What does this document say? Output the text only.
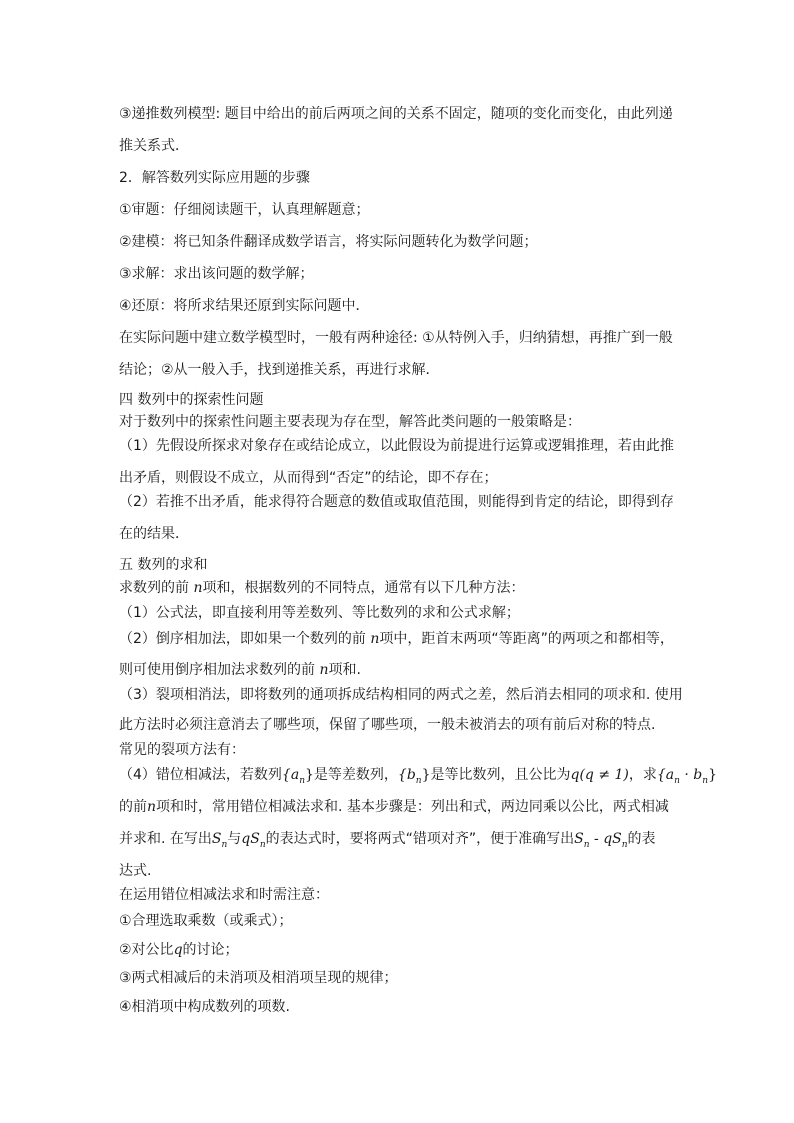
③递推数列模型: 题目中给出的前后两项之间的关系不固定，随项的变化而变化，由此列递
推关系式．
2．解答数列实际应用题的步骤
①审题：仔细阅读题干，认真理解题意；
②建模：将已知条件翻译成数学语言，将实际问题转化为数学问题；
③求解：求出该问题的数学解；
④还原：将所求结果还原到实际问题中．
在实际问题中建立数学模型时，一般有两种途径: ①从特例入手，归纳猜想，再推广到一般
结论；②从一般入手，找到递推关系，再进行求解．
四 数列中的探索性问题
对于数列中的探索性问题主要表现为存在型，解答此类问题的一般策略是：
（1）先假设所探求对象存在或结论成立，以此假设为前提进行运算或逻辑推理，若由此推
出矛盾，则假设不成立，从而得到“否定”的结论，即不存在；
（2）若推不出矛盾，能求得符合题意的数值或取值范围，则能得到肯定的结论，即得到存
在的结果．
五 数列的求和
求数列的前 n项和，根据数列的不同特点，通常有以下几种方法：
（1）公式法，即直接利用等差数列、等比数列的求和公式求解；
（2）倒序相加法，即如果一个数列的前 n项中，距首末两项“等距离”的两项之和都相等，
则可使用倒序相加法求数列的前 n项和.
（3）裂项相消法，即将数列的通项拆成结构相同的两式之差，然后消去相同的项求和. 使用
此方法时必须注意消去了哪些项，保留了哪些项，一般未被消去的项有前后对称的特点.
常见的裂项方法有：
（4）错位相减法，若数列$\{a_n\}$是等差数列，$\{b_n\}$是等比数列，且公比为q(q ≠ 1)，求$\{a_n \cdot b_n\}$
的前n项和时，常用错位相减法求和. 基本步骤是：列出和式，两边同乘以公比，两式相减
并求和. 在写出$S_n$与$qS_n$的表达式时，要将两式“错项对齐”，便于准确写出$S_n - qS_n$的表
达式.
在运用错位相减法求和时需注意：
①合理选取乘数（或乘式）；
②对公比q的讨论；
③两式相减后的未消项及相消项呈现的规律；
④相消项中构成数列的项数.
